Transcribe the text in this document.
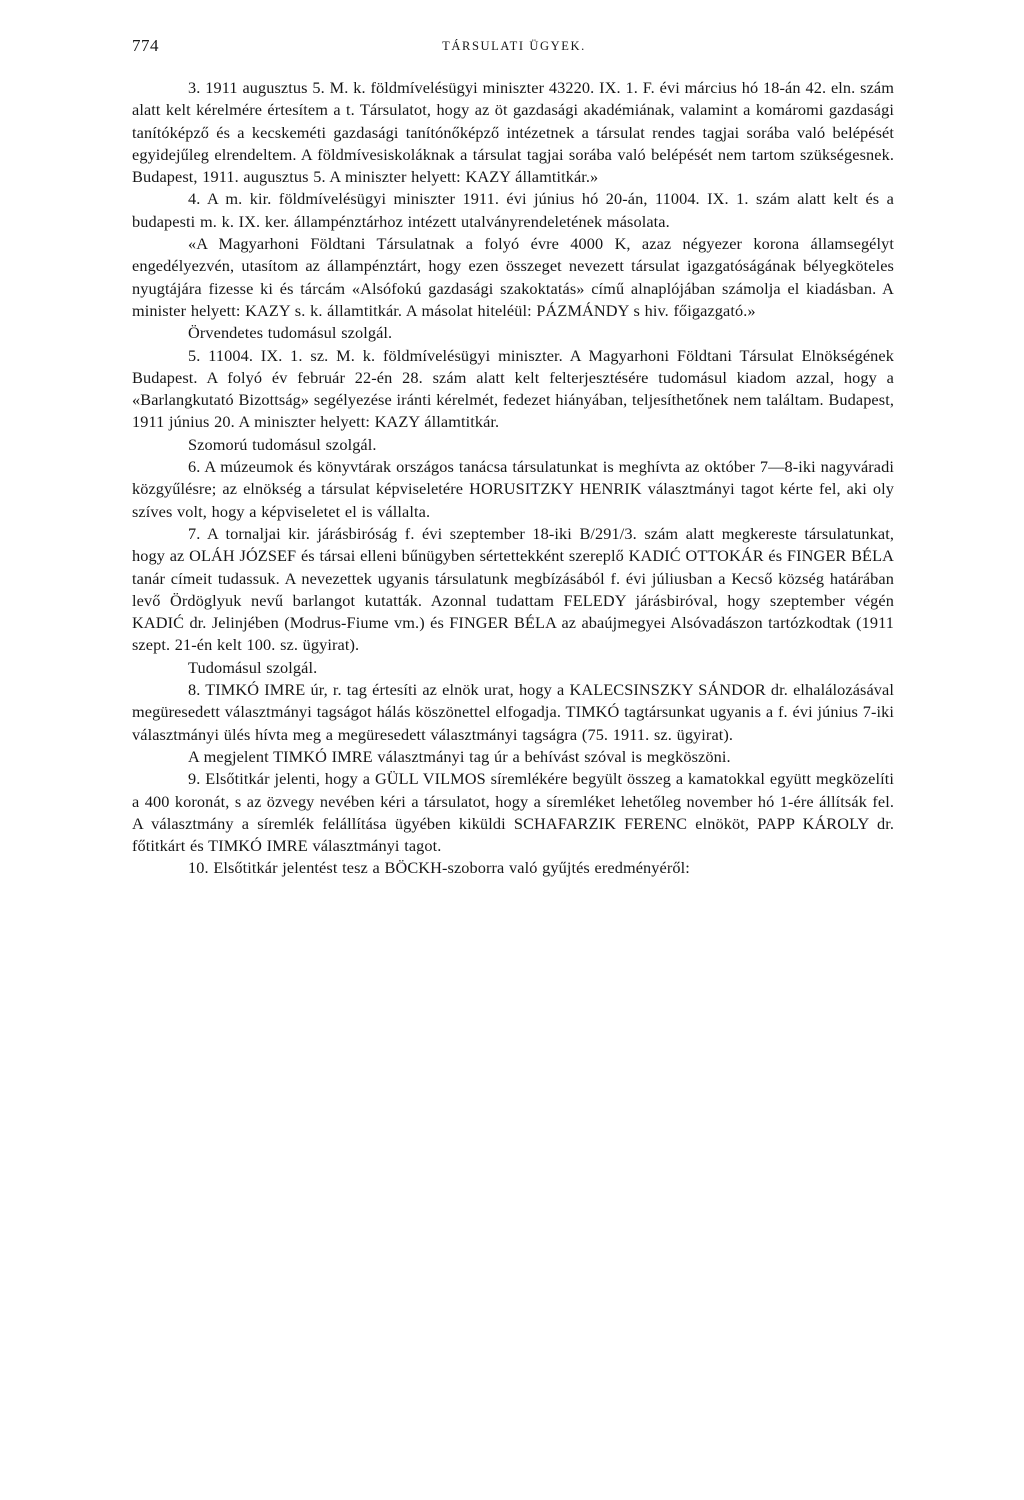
774	TÁRSULATI ÜGYEK.

3. 1911 augusztus 5. M. k. földmívelésügyi miniszter 43220. IX. 1. F. évi március hó 18-án 42. eln. szám alatt kelt kérelmére értesítem a t. Társulatot, hogy az öt gazdasági akadémiának, valamint a komáromi gazdasági tanítóképző és a kecskeméti gazdasági tanítónőképző intézetnek a társulat rendes tagjai sorába való belépését egyidejűleg elrendeltem. A földmívesiskoláknak a társulat tagjai sorába való belépését nem tartom szükségesnek. Budapest, 1911. augusztus 5. A miniszter helyett: KAZY államtitkár.»

4. A m. kir. földmívelésügyi miniszter 1911. évi június hó 20-án, 11004. IX. 1. szám alatt kelt és a budapesti m. k. IX. ker. állampénztárhoz intézett utalványrendeletének másolata.

«A Magyarhoni Földtani Társulatnak a folyó évre 4000 K, azaz négyezer korona államsegélyt engedélyezvén, utasítom az állampénztárt, hogy ezen összeget nevezett társulat igazgatóságának bélyegköteles nyugtájára fizesse ki és tárcám «Alsófokú gazdasági szakoktatás» című alnaplójában számolja el kiadásban. A minister helyett: KAZY s. k. államtitkár. A másolat hiteléül: PÁZMÁNDY s hiv. főigazgató.»

Örvendetes tudomásul szolgál.

5. 11004. IX. 1. sz. M. k. földmívelésügyi miniszter. A Magyarhoni Földtani Társulat Elnökségének Budapest. A folyó év február 22-én 28. szám alatt kelt felterjesztésére tudomásul kiadom azzal, hogy a «Barlangkutató Bizottság» segélyezése iránti kérelmét, fedezet hiányában, teljesíthetőnek nem találtam. Budapest, 1911 június 20. A miniszter helyett: KAZY államtitkár.

Szomorú tudomásul szolgál.

6. A múzeumok és könyvtárak országos tanácsa társulatunkat is meghívta az október 7—8-iki nagyváradi közgyűlésre; az elnökség a társulat képviseletére HORUSITZKY HENRIK választmányi tagot kérte fel, aki oly szíves volt, hogy a képviseletet el is vállalta.

7. A tornaljai kir. járásbiróság f. évi szeptember 18-iki B/291/3. szám alatt megkereste társulatunkat, hogy az OLÁH JÓZSEF és társai elleni bűnügyben sértettekként szereplő KADIĆ OTTOKÁR és FINGER BÉLA tanár címeit tudassuk. A nevezettek ugyanis társulatunk megbízásából f. évi júliusban a Kecső község határában levő Ördöglyuk nevű barlangot kutatták. Azonnal tudattam FELEDY járásbiróval, hogy szeptember végén KADIĆ dr. Jelinjében (Modrus-Fiume vm.) és FINGER BÉLA az abaújmegyei Alsóvadászon tartózkodtak (1911 szept. 21-én kelt 100. sz. ügyirat).

Tudomásul szolgál.

8. TIMKÓ IMRE úr, r. tag értesíti az elnök urat, hogy a KALECSINSZKY SÁNDOR dr. elhalálozásával megüresedett választmányi tagságot hálás köszönettel elfogadja. TIMKÓ tagtársunkat ugyanis a f. évi június 7-iki választmányi ülés hívta meg a megüresedett választmányi tagságra (75. 1911. sz. ügyirat).

A megjelent TIMKÓ IMRE választmányi tag úr a behívást szóval is megköszöni.

9. Elsőtitkár jelenti, hogy a GÜLL VILMOS síremlékére begyült összeg a kamatokkal együtt megközelíti a 400 koronát, s az özvegy nevében kéri a társulatot, hogy a síremléket lehetőleg november hó 1-ére állítsák fel. A választmány a síremlék felállítása ügyében kiküldi SCHAFARZIK FERENC elnököt, PAPP KÁROLY dr. főtitkárt és TIMKÓ IMRE választmányi tagot.

10. Elsőtitkár jelentést tesz a BÖCKH-szoborra való gyűjtés eredményéről:
